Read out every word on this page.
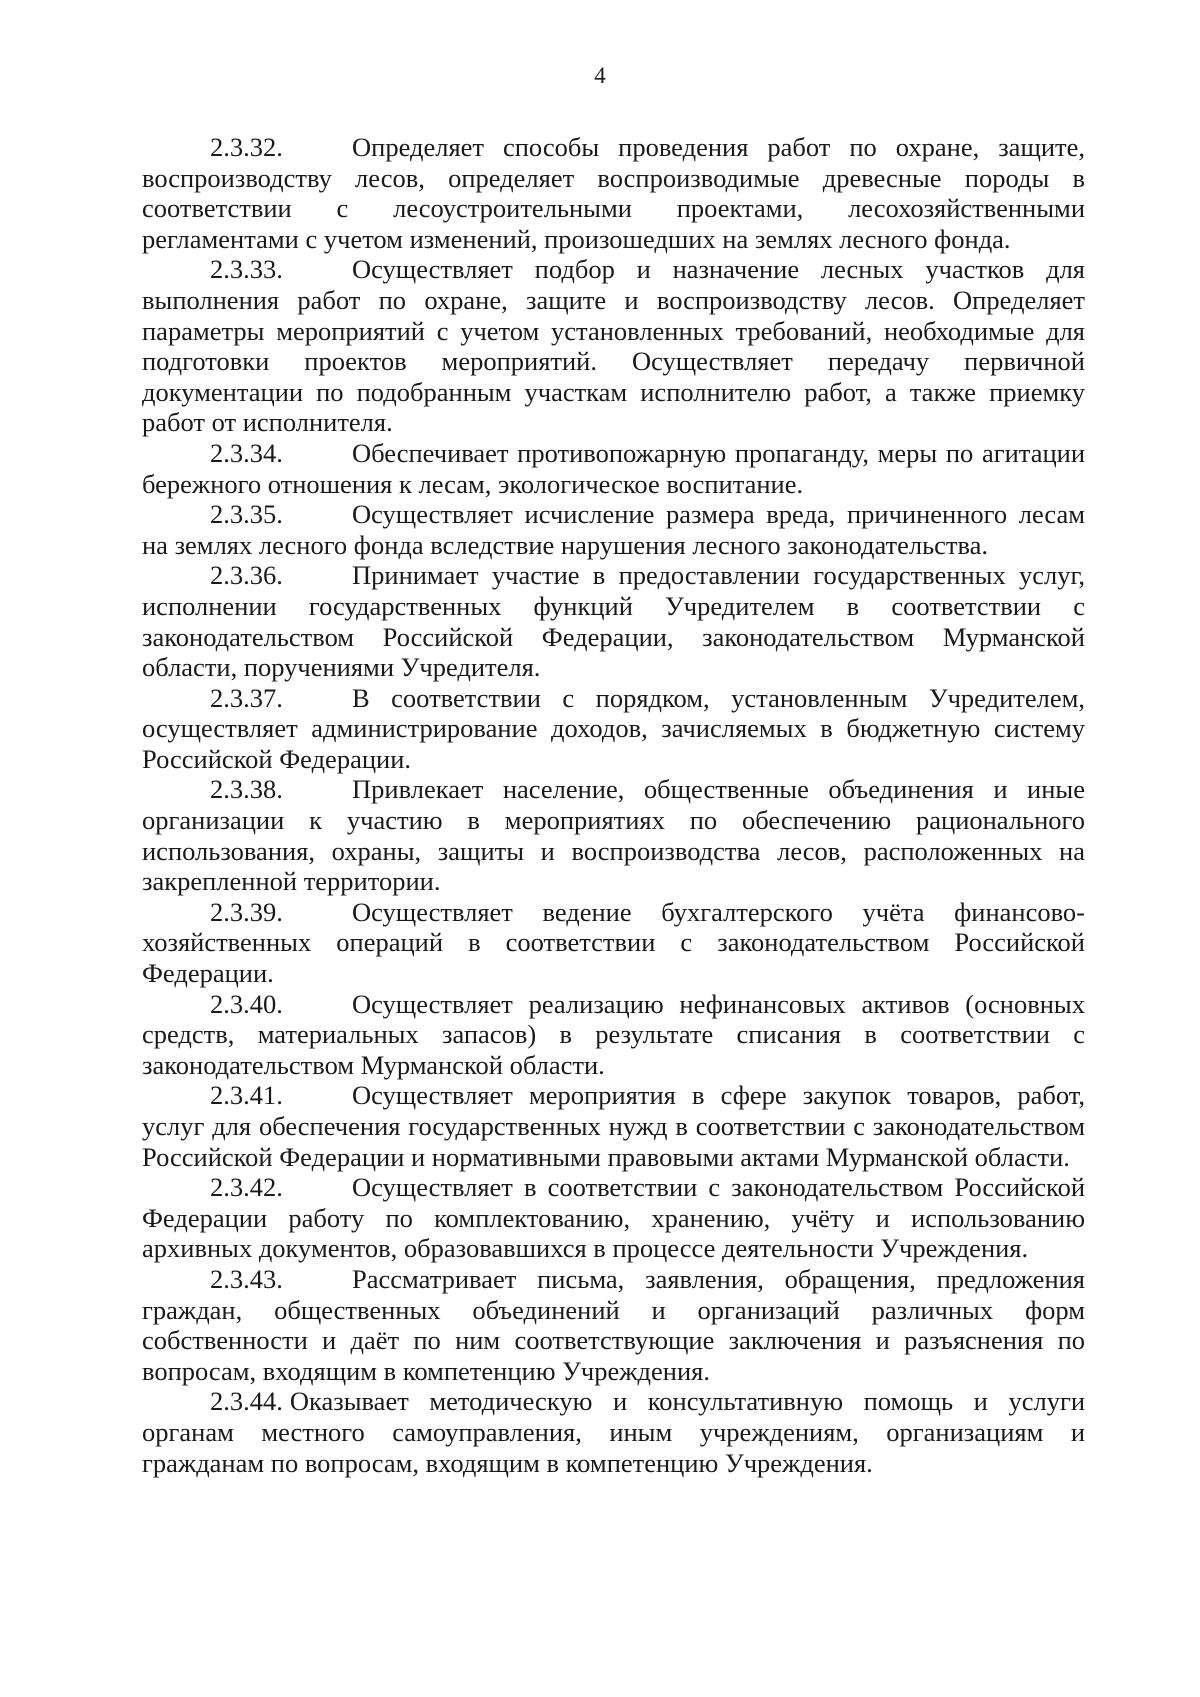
4

2.3.32.	Определяет способы проведения работ по охране, защите, воспроизводству лесов, определяет воспроизводимые древесные породы в соответствии с лесоустроительными проектами, лесохозяйственными регламентами с учетом изменений, произошедших на землях лесного фонда.

2.3.33.	Осуществляет подбор и назначение лесных участков для выполнения работ по охране, защите и воспроизводству лесов. Определяет параметры мероприятий с учетом установленных требований, необходимые для подготовки проектов мероприятий. Осуществляет передачу первичной документации по подобранным участкам исполнителю работ, а также приемку работ от исполнителя.

2.3.34.	Обеспечивает противопожарную пропаганду, меры по агитации бережного отношения к лесам, экологическое воспитание.

2.3.35.	Осуществляет исчисление размера вреда, причиненного лесам на землях лесного фонда вследствие нарушения лесного законодательства.

2.3.36.	Принимает участие в предоставлении государственных услуг, исполнении государственных функций Учредителем в соответствии с законодательством Российской Федерации, законодательством Мурманской области, поручениями Учредителя.

2.3.37.	В соответствии с порядком, установленным Учредителем, осуществляет администрирование доходов, зачисляемых в бюджетную систему Российской Федерации.

2.3.38.	Привлекает население, общественные объединения и иные организации к участию в мероприятиях по обеспечению рационального использования, охраны, защиты и воспроизводства лесов, расположенных на закрепленной территории.

2.3.39.	Осуществляет ведение бухгалтерского учёта финансово-хозяйственных операций в соответствии с законодательством Российской Федерации.

2.3.40.	Осуществляет реализацию нефинансовых активов (основных средств, материальных запасов) в результате списания в соответствии с законодательством Мурманской области.

2.3.41.	Осуществляет мероприятия в сфере закупок товаров, работ, услуг для обеспечения государственных нужд в соответствии с законодательством Российской Федерации и нормативными правовыми актами Мурманской области.

2.3.42.	Осуществляет в соответствии с законодательством Российской Федерации работу по комплектованию, хранению, учёту и использованию архивных документов, образовавшихся в процессе деятельности Учреждения.

2.3.43.	Рассматривает письма, заявления, обращения, предложения граждан, общественных объединений и организаций различных форм собственности и даёт по ним соответствующие заключения и разъяснения по вопросам, входящим в компетенцию Учреждения.

2.3.44. Оказывает методическую и консультативную помощь и услуги органам местного самоуправления, иным учреждениям, организациям и гражданам по вопросам, входящим в компетенцию Учреждения.
